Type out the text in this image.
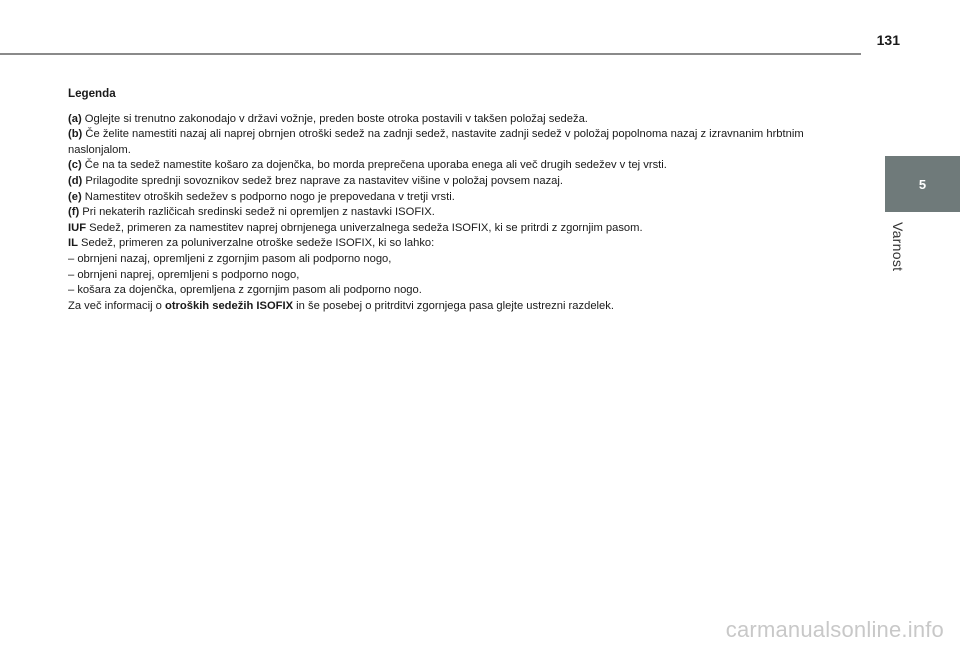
131
5
Varnost
Legenda

(a) Oglejte si trenutno zakonodajo v državi vožnje, preden boste otroka postavili v takšen položaj sedeža.

(b) Če želite namestiti nazaj ali naprej obrnjen otroški sedež na zadnji sedež, nastavite zadnji sedež v položaj popolnoma nazaj z izravnanim hrbtnim naslonjalom.

(c) Če na ta sedež namestite košaro za dojenčka, bo morda preprečena uporaba enega ali več drugih sedežev v tej vrsti.

(d) Prilagodite sprednji sovoznikov sedež brez naprave za nastavitev višine v položaj povsem nazaj.

(e) Namestitev otroških sedežev s podporno nogo je prepovedana v tretji vrsti.

(f) Pri nekaterih različicah sredinski sedež ni opremljen z nastavki ISOFIX.

IUF Sedež, primeren za namestitev naprej obrnjenega univerzalnega sedeža ISOFIX, ki se pritrdi z zgornjim pasom.

IL Sedež, primeren za poluniverzalne otroške sedeže ISOFIX, ki so lahko:

– obrnjeni nazaj, opremljeni z zgornjim pasom ali podporno nogo,

– obrnjeni naprej, opremljeni s podporno nogo,

– košara za dojenčka, opremljena z zgornjim pasom ali podporno nogo.

Za več informacij o otroških sedežih ISOFIX in še posebej o pritrditvi zgornjega pasa glejte ustrezni razdelek.

carmanualsonline.info
